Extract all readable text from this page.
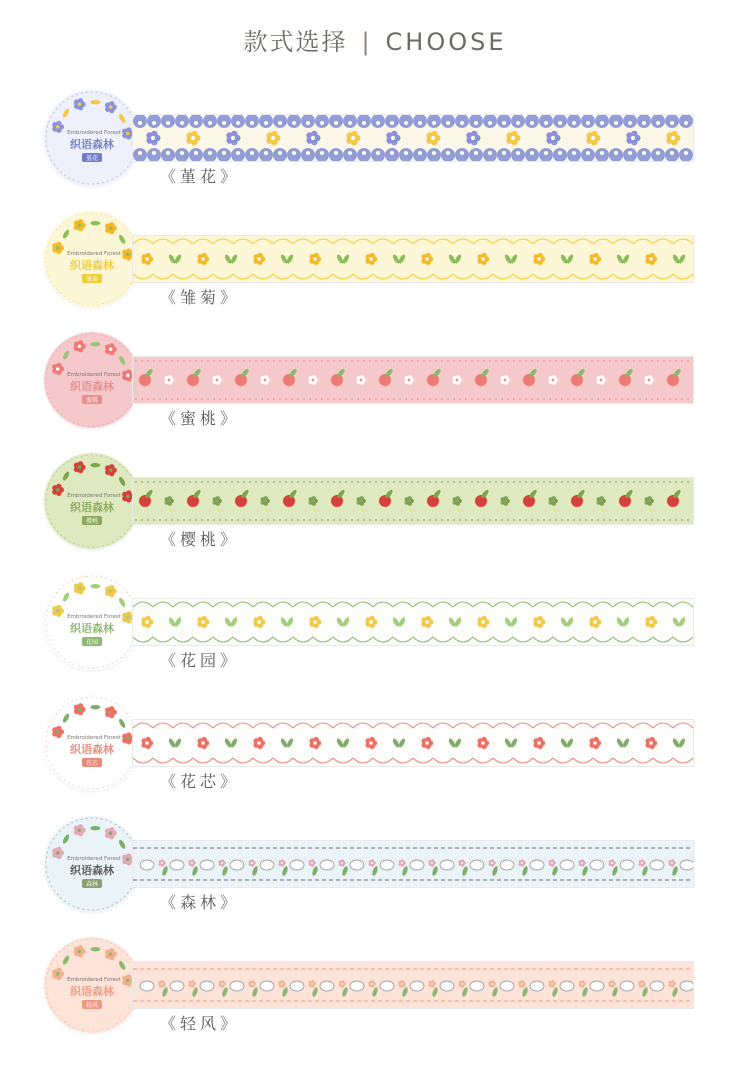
款式选择 | CHOOSE
Embroidered Forest
织语森林
堇花
《堇花》
Embroidered Forest
织语森林
雏菊
《雏菊》
Embroidered Forest
织语森林
蜜桃
《蜜桃》
Embroidered Forest
织语森林
樱桃
《樱桃》
Embroidered Forest
织语森林
花园
《花园》
Embroidered Forest
织语森林
花芯
《花芯》
Embroidered Forest
织语森林
森林
《森林》
Embroidered Forest
织语森林
轻风
《轻风》
